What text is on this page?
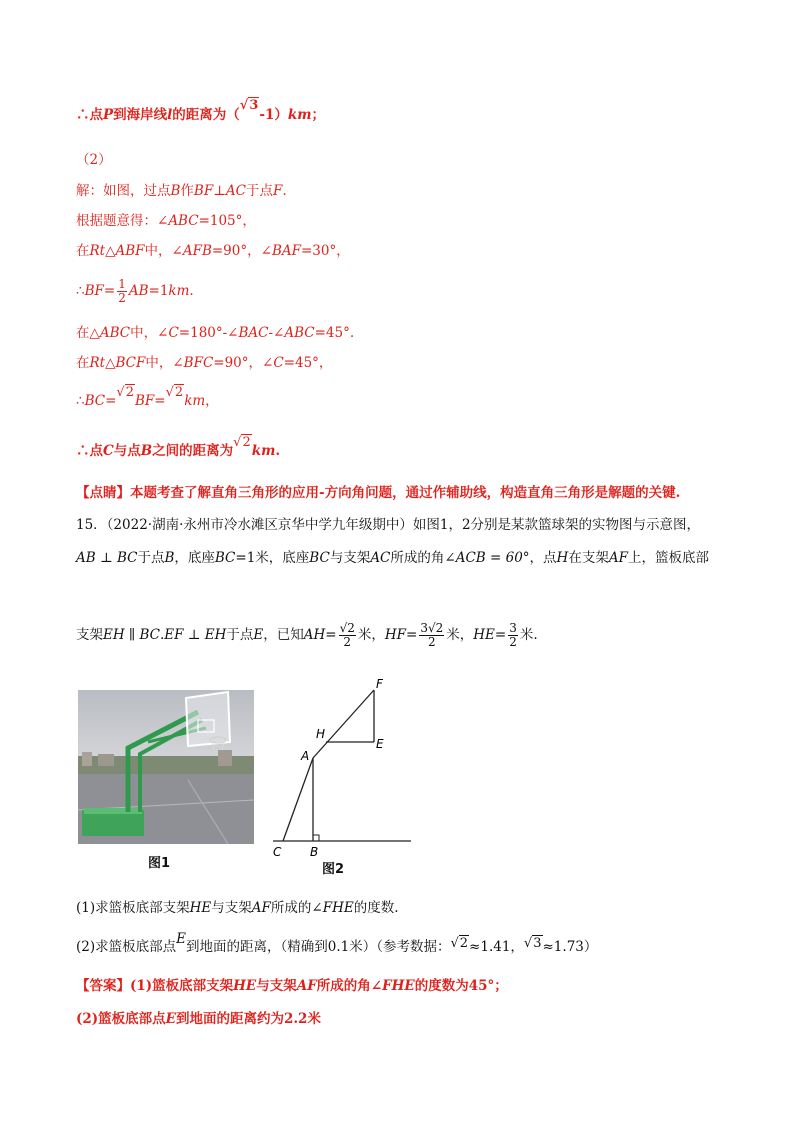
∴点P到海岸线l的距离为（√3-1）km；
（2）
解：如图，过点B作BF⊥AC于点F.
根据题意得：∠ABC=105°，
在Rt△ABF中，∠AFB=90°，∠BAF=30°，
∴BF= $\frac{1}{2} AB=1km$.
在△ABC中，∠C=180°-∠BAC-∠ABC=45°.
在Rt△BCF中，∠BFC=90°，∠C=45°，
∴BC=√2BF=√2km，
∴点C与点B之间的距离为√2km.
【点睛】本题考查了解直角三角形的应用-方向角问题，通过作辅助线，构造直角三角形是解题的关键.
15．（2022·湖南·永州市冷水滩区京华中学九年级期中）如图1，2分别是某款篮球架的实物图与示意图，
AB ⊥ BC于点B，底座BC=1米，底座BC与支架AC所成的角∠ACB = 60°，点H在支架AF上，篮板底部
支架EH ∥ BC.EF ⊥ EH于点E，已知$AH= \frac{√2}{2}$ 米，$HF= \frac{3√2}{2}$ 米，$HE= \frac{3}{2}$ 米.
图1
F
H
E
A
C B
图2
(1)求篮板底部支架HE与支架AF所成的∠FHE的度数.
(2)求篮板底部点E到地面的距离，（精确到0.1米）（参考数据：√2≈1.41，√3≈1.73）
【答案】(1)篮板底部支架HE与支架AF所成的角∠FHE的度数为45°；
(2)篮板底部点E到地面的距离约为2.2米
